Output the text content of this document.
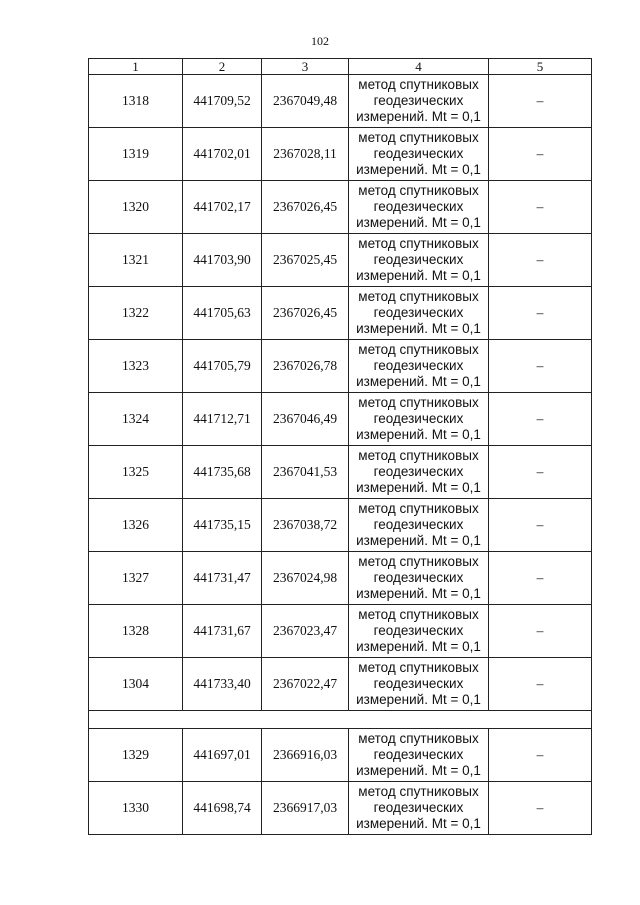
102
1	2	3	4	5
1318	441709,52	2367049,48	метод спутниковых
геодезических
измерений. Mt = 0,1	–
1319	441702,01	2367028,11	метод спутниковых
геодезических
измерений. Mt = 0,1	–
1320	441702,17	2367026,45	метод спутниковых
геодезических
измерений. Mt = 0,1	–
1321	441703,90	2367025,45	метод спутниковых
геодезических
измерений. Mt = 0,1	–
1322	441705,63	2367026,45	метод спутниковых
геодезических
измерений. Mt = 0,1	–
1323	441705,79	2367026,78	метод спутниковых
геодезических
измерений. Mt = 0,1	–
1324	441712,71	2367046,49	метод спутниковых
геодезических
измерений. Mt = 0,1	–
1325	441735,68	2367041,53	метод спутниковых
геодезических
измерений. Mt = 0,1	–
1326	441735,15	2367038,72	метод спутниковых
геодезических
измерений. Mt = 0,1	–
1327	441731,47	2367024,98	метод спутниковых
геодезических
измерений. Mt = 0,1	–
1328	441731,67	2367023,47	метод спутниковых
геодезических
измерений. Mt = 0,1	–
1304	441733,40	2367022,47	метод спутниковых
геодезических
измерений. Mt = 0,1	–

1329	441697,01	2366916,03	метод спутниковых
геодезических
измерений. Mt = 0,1	–
1330	441698,74	2366917,03	метод спутниковых
геодезических
измерений. Mt = 0,1	–
